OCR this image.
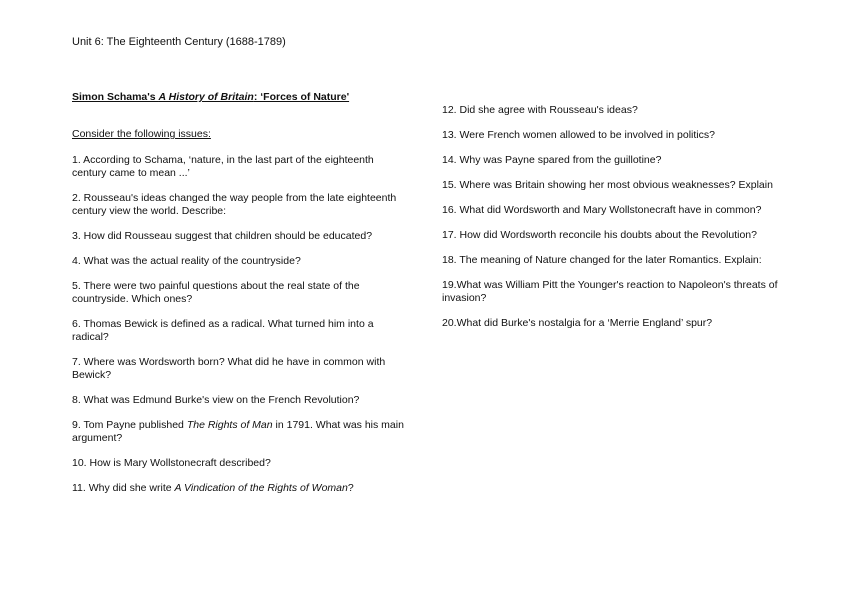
Unit 6: The Eighteenth Century (1688-1789)
Simon Schama's A History of Britain: ‘Forces of Nature'
Consider the following issues:
1. According to Schama, ‘nature, in the last part of the eighteenth century came to mean ...’
2. Rousseau's ideas changed the way people from the late eighteenth century view the world. Describe:
3. How did Rousseau suggest that children should be educated?
4. What was the actual reality of the countryside?
5. There were two painful questions about the real state of the countryside. Which ones?
6. Thomas Bewick is defined as a radical. What turned him into a radical?
7. Where was Wordsworth born? What did he have in common with Bewick?
8. What was Edmund Burke's view on the French Revolution?
9. Tom Payne published The Rights of Man in 1791. What was his main argument?
10. How is Mary Wollstonecraft described?
11. Why did she write A Vindication of the Rights of Woman?
12. Did she agree with Rousseau's ideas?
13. Were French women allowed to be involved in politics?
14. Why was Payne spared from the guillotine?
15. Where was Britain showing her most obvious weaknesses? Explain
16. What did Wordsworth and Mary Wollstonecraft have in common?
17. How did Wordsworth reconcile his doubts about the Revolution?
18. The meaning of Nature changed for the later Romantics. Explain:
19.What was William Pitt the Younger's reaction to Napoleon's threats of invasion?
20.What did Burke's nostalgia for a ‘Merrie England’ spur?
